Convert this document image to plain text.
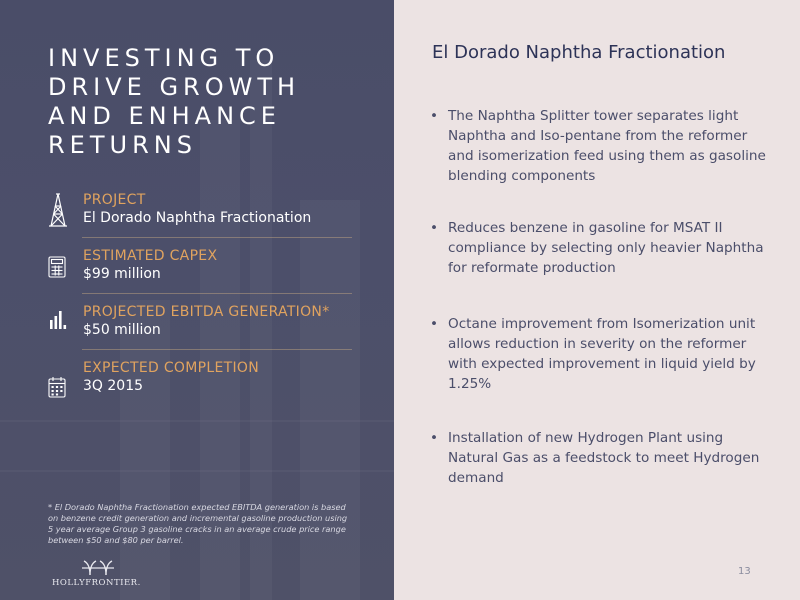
INVESTING TO
DRIVE GROWTH
AND ENHANCE
RETURNS
PROJECT
El Dorado Naphtha Fractionation
ESTIMATED CAPEX
$99 million
PROJECTED EBITDA GENERATION*
$50 million
EXPECTED COMPLETION
3Q 2015

* El Dorado Naphtha Fractionation expected EBITDA generation is based on benzene credit generation and incremental gasoline production using 5 year average Group 3 gasoline cracks in an average crude price range between $50 and $80 per barrel.

HOLLYFRONTIER.
El Dorado Naphtha Fractionation
• The Naphtha Splitter tower separates light Naphtha and Iso-pentane from the reformer and isomerization feed using them as gasoline blending components
• Reduces benzene in gasoline for MSAT II compliance by selecting only heavier Naphtha for reformate production
• Octane improvement from Isomerization unit allows reduction in severity on the reformer with expected improvement in liquid yield by 1.25%
• Installation of new Hydrogen Plant using Natural Gas as a feedstock to meet Hydrogen demand
13
